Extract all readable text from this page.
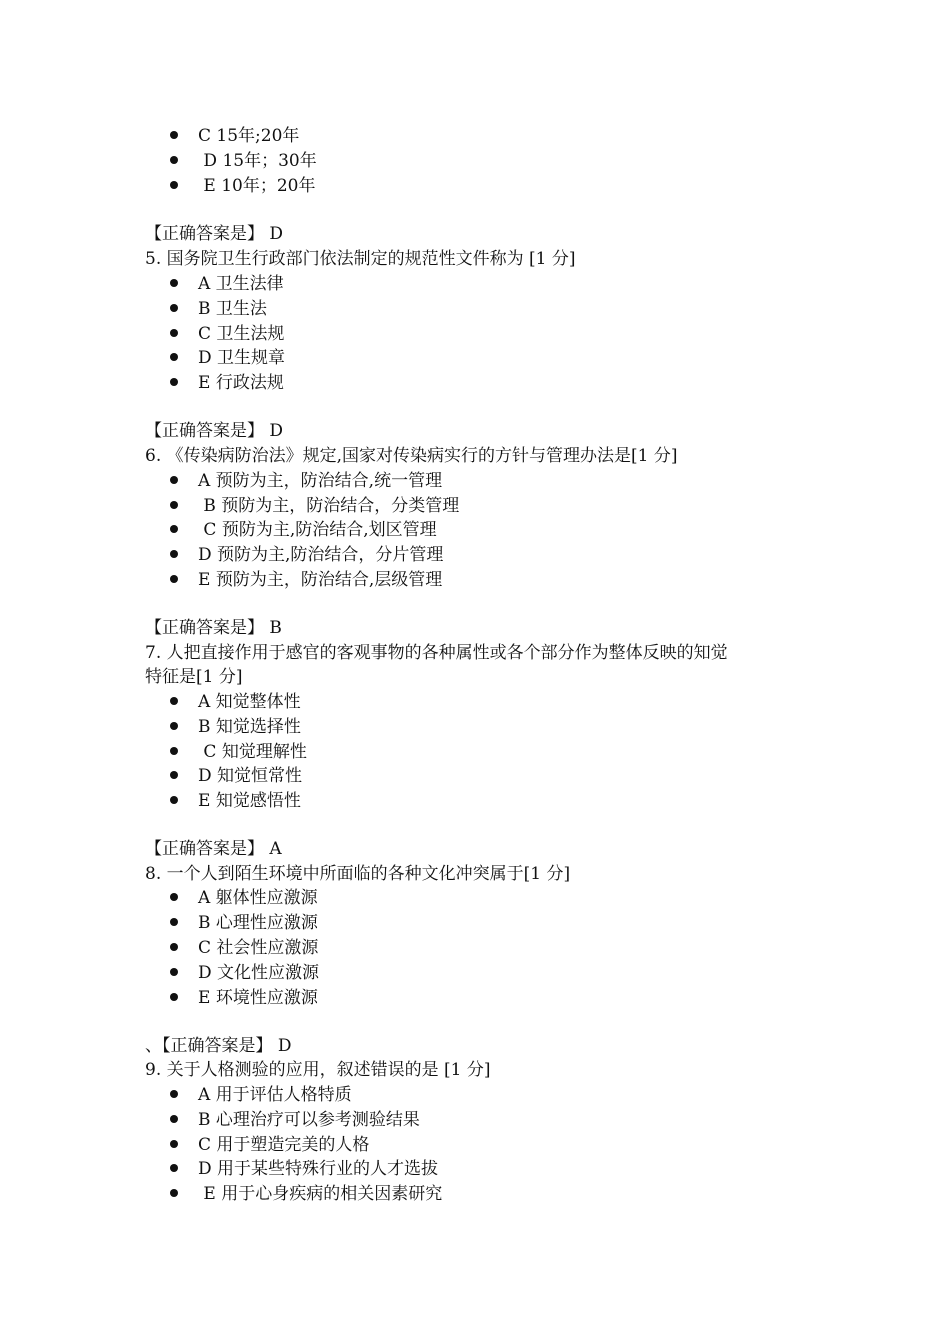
C 15年;20年
D 15年；30年
E 10年；20年
【正确答案是】 D
5. 国务院卫生行政部门依法制定的规范性文件称为 [1 分]
A 卫生法律
B 卫生法
C 卫生法规
D 卫生规章
E 行政法规
【正确答案是】 D
6. 《传染病防治法》规定,国家对传染病实行的方针与管理办法是[1 分]
A 预防为主，防治结合,统一管理
B 预防为主，防治结合，分类管理
C 预防为主,防治结合,划区管理
D 预防为主,防治结合，分片管理
E 预防为主，防治结合,层级管理
【正确答案是】 B
7. 人把直接作用于感官的客观事物的各种属性或各个部分作为整体反映的知觉
特征是[1 分]
A 知觉整体性
B 知觉选择性
C 知觉理解性
D 知觉恒常性
E 知觉感悟性
【正确答案是】 A
8. 一个人到陌生环境中所面临的各种文化冲突属于[1 分]
A 躯体性应激源
B 心理性应激源
C 社会性应激源
D 文化性应激源
E 环境性应激源
、【正确答案是】 D
9. 关于人格测验的应用，叙述错误的是 [1 分]
A 用于评估人格特质
B 心理治疗可以参考测验结果
C 用于塑造完美的人格
D 用于某些特殊行业的人才选拔
E 用于心身疾病的相关因素研究
